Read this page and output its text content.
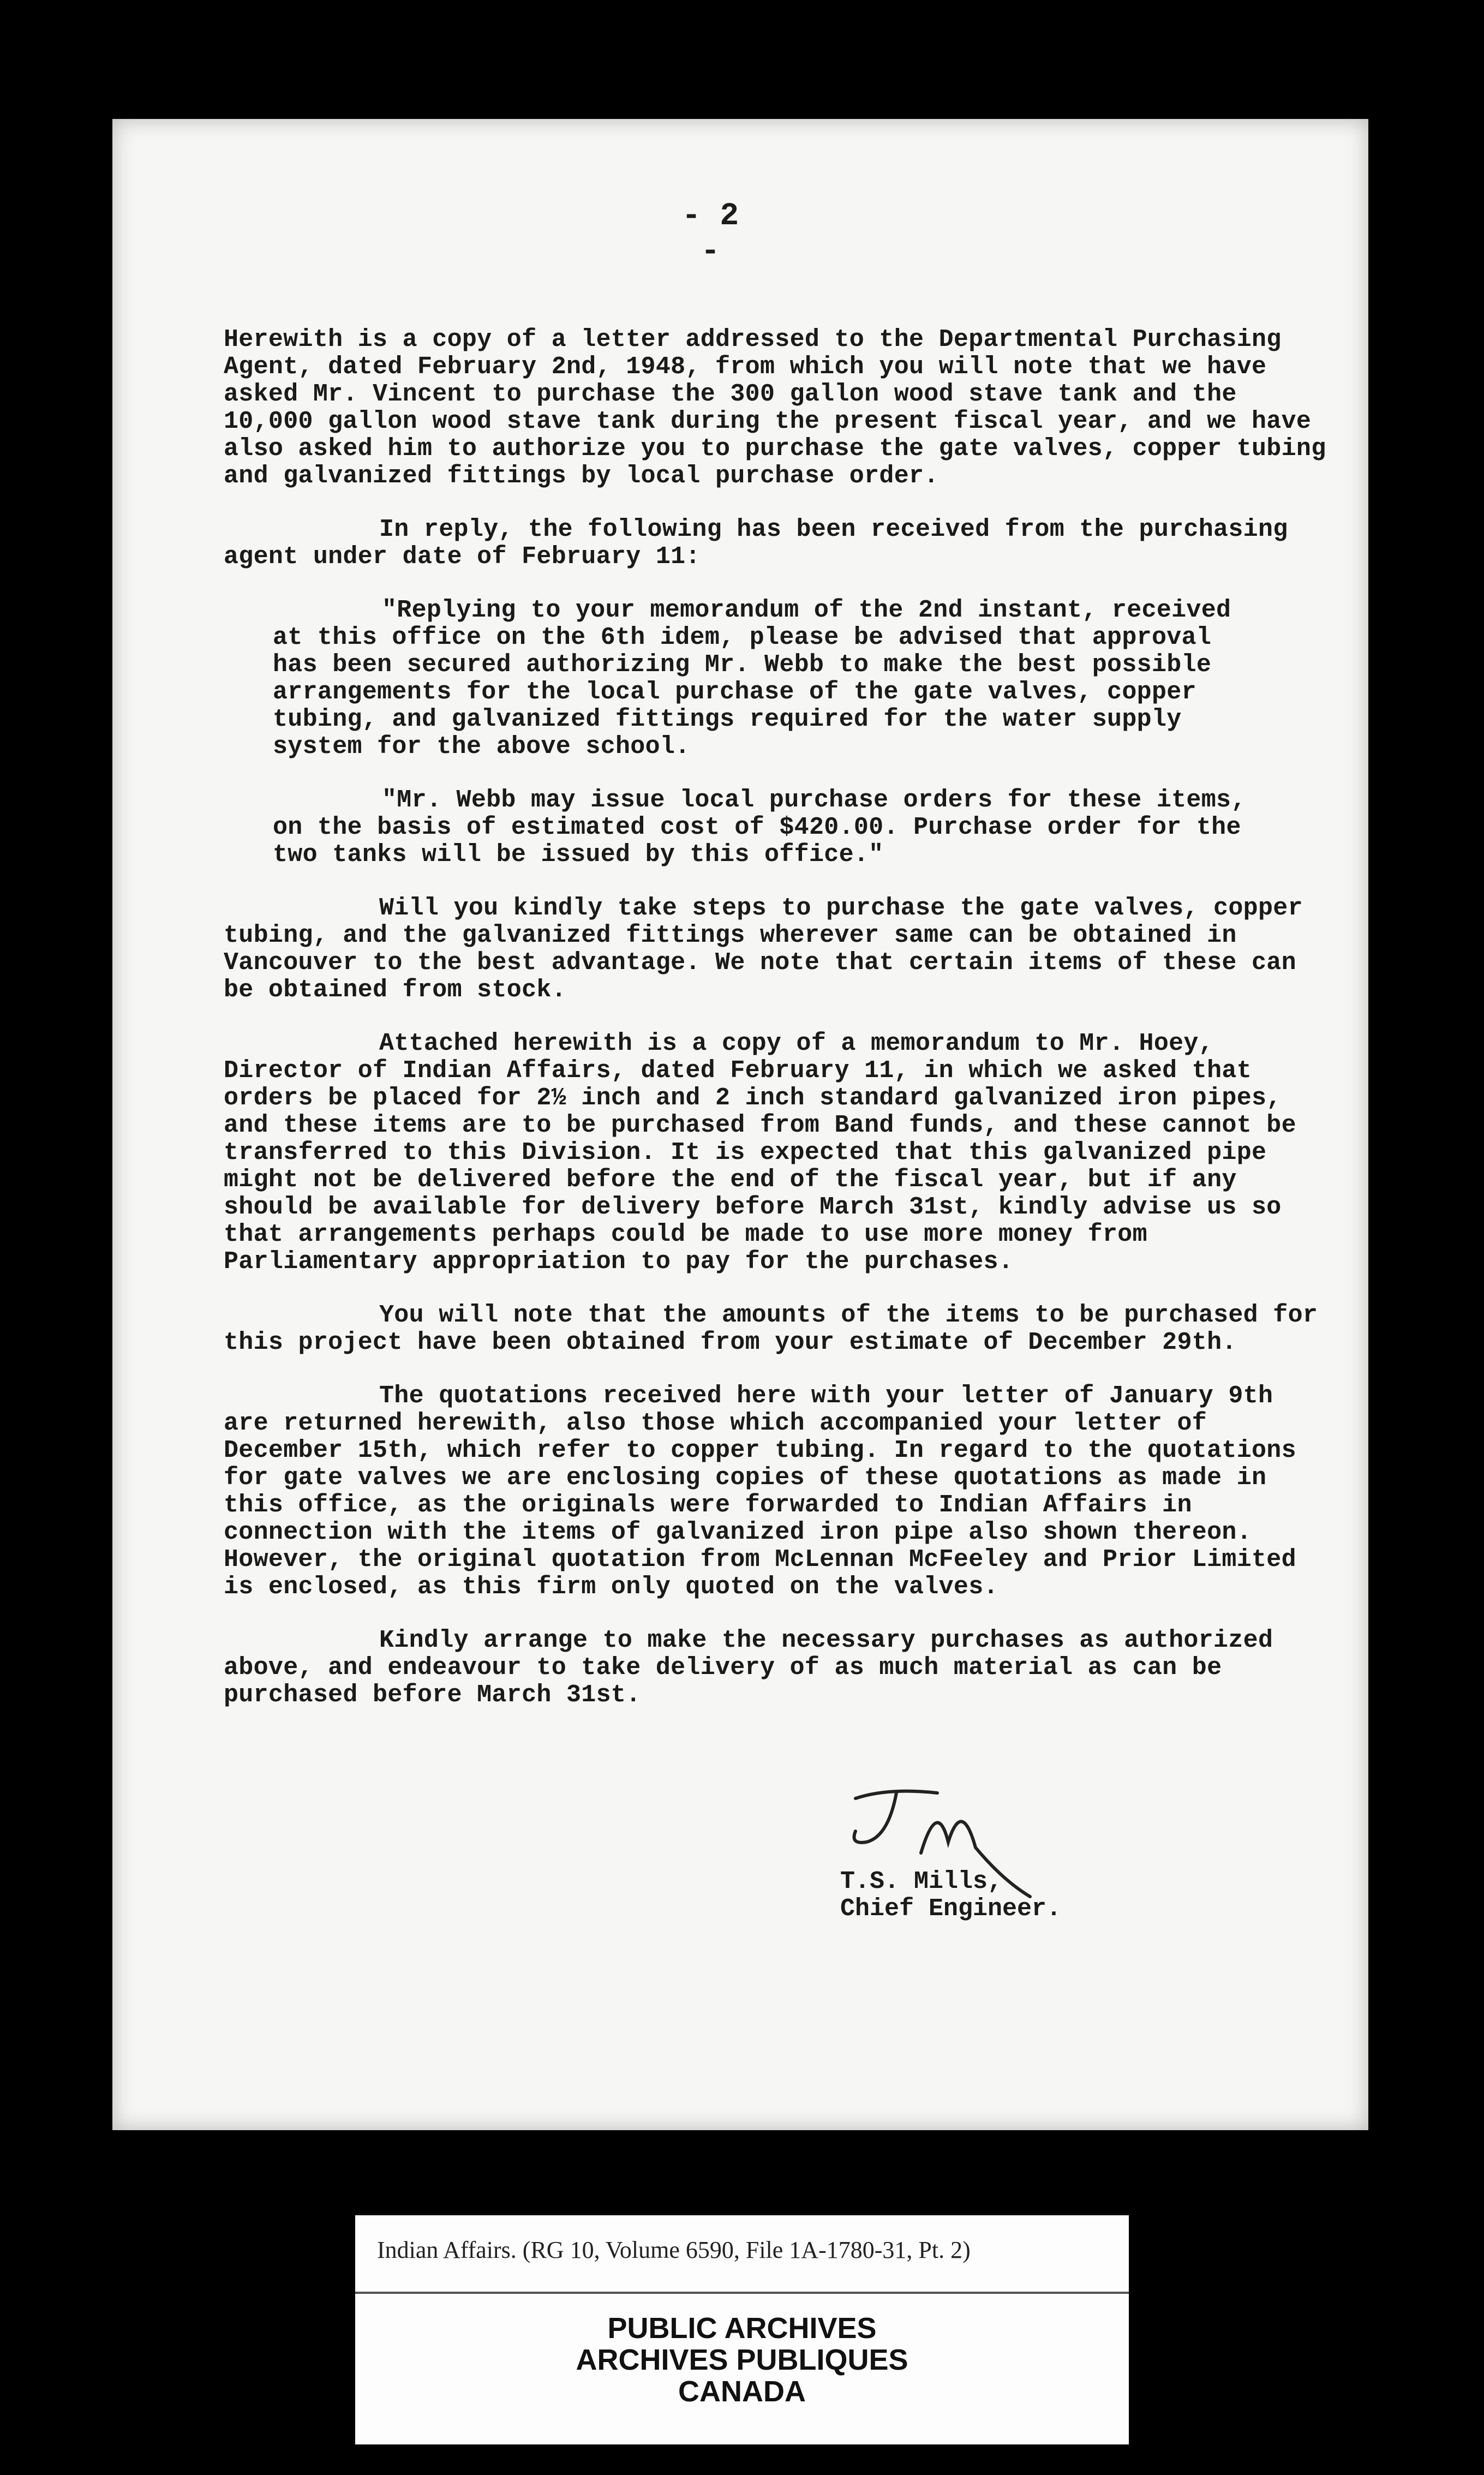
- 2 -

Herewith is a copy of a letter addressed to the Departmental Purchasing Agent, dated February 2nd, 1948, from which you will note that we have asked Mr. Vincent to purchase the 300 gallon wood stave tank and the 10,000 gallon wood stave tank during the present fiscal year, and we have also asked him to authorize you to purchase the gate valves, copper tubing and galvanized fittings by local purchase order.

In reply, the following has been received from the purchasing agent under date of February 11:

"Replying to your memorandum of the 2nd instant, received at this office on the 6th idem, please be advised that approval has been secured authorizing Mr. Webb to make the best possible arrangements for the local purchase of the gate valves, copper tubing, and galvanized fittings required for the water supply system for the above school.

"Mr. Webb may issue local purchase orders for these items, on the basis of estimated cost of $420.00. Purchase order for the two tanks will be issued by this office."

Will you kindly take steps to purchase the gate valves, copper tubing, and the galvanized fittings wherever same can be obtained in Vancouver to the best advantage. We note that certain items of these can be obtained from stock.

Attached herewith is a copy of a memorandum to Mr. Hoey, Director of Indian Affairs, dated February 11, in which we asked that orders be placed for 2½ inch and 2 inch standard galvanized iron pipes, and these items are to be purchased from Band funds, and these cannot be transferred to this Division. It is expected that this galvanized pipe might not be delivered before the end of the fiscal year, but if any should be available for delivery before March 31st, kindly advise us so that arrangements perhaps could be made to use more money from Parliamentary appropriation to pay for the purchases.

You will note that the amounts of the items to be purchased for this project have been obtained from your estimate of December 29th.

The quotations received here with your letter of January 9th are returned herewith, also those which accompanied your letter of December 15th, which refer to copper tubing. In regard to the quotations for gate valves we are enclosing copies of these quotations as made in this office, as the originals were forwarded to Indian Affairs in connection with the items of galvanized iron pipe also shown thereon. However, the original quotation from McLennan McFeeley and Prior Limited is enclosed, as this firm only quoted on the valves.

Kindly arrange to make the necessary purchases as authorized above, and endeavour to take delivery of as much material as can be purchased before March 31st.

T.S. Mills,
Chief Engineer.
Indian Affairs. (RG 10, Volume 6590, File 1A-1780-31, Pt. 2)
PUBLIC ARCHIVES
ARCHIVES PUBLIQUES
CANADA
